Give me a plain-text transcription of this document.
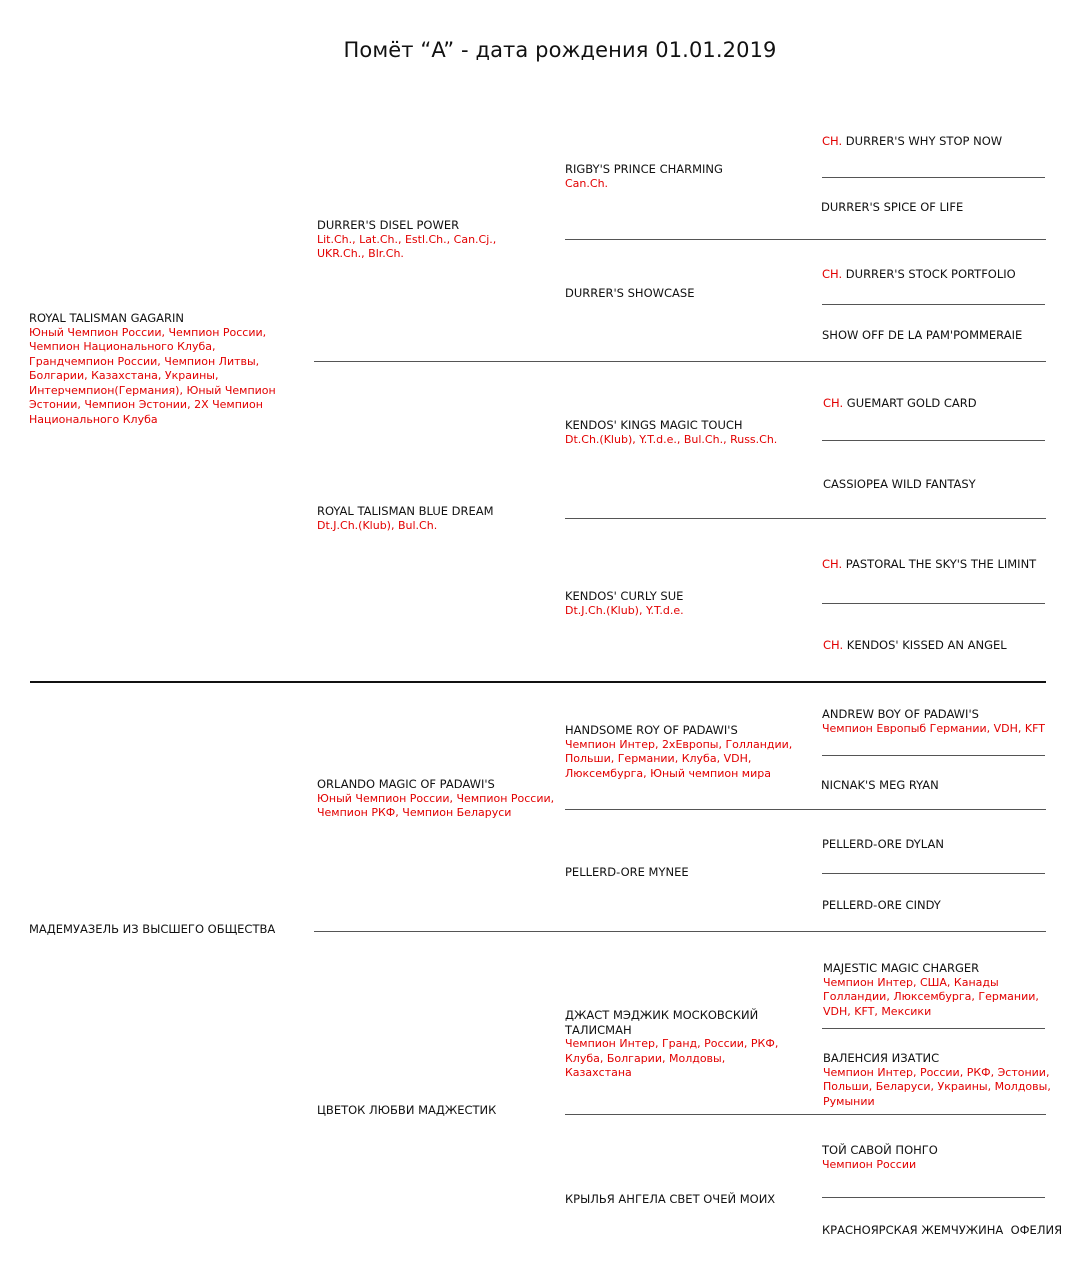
Помёт “A” - дата рождения 01.01.2019
ROYAL TALISMAN GAGARIN
Юный Чемпион России, Чемпион России, Чемпион Национального Клуба, Грандчемпион России, Чемпион Литвы, Болгарии, Казахстана, Украины, Интерчемпион(Германия), Юный Чемпион Эстонии, Чемпион Эстонии, 2Х Чемпион Национального Клуба
МАДЕМУАЗЕЛЬ ИЗ ВЫСШЕГО ОБЩЕСТВА
DURRER'S DISEL POWER
Lit.Ch., Lat.Ch., Estl.Ch., Can.Cj., UKR.Ch., Blr.Ch.
ROYAL TALISMAN BLUE DREAM
Dt.J.Ch.(Klub), Bul.Ch.
ORLANDO MAGIC OF PADAWI'S
Юный Чемпион России, Чемпион России, Чемпион РКФ, Чемпион Беларуси
ЦВЕТОК ЛЮБВИ МАДЖЕСТИК
RIGBY'S PRINCE CHARMING
Can.Ch.
DURRER'S SHOWCASE
KENDOS' KINGS MAGIC TOUCH
Dt.Ch.(Klub), Y.T.d.e., Bul.Ch., Russ.Ch.
KENDOS' CURLY SUE
Dt.J.Ch.(Klub), Y.T.d.e.
HANDSOME ROY OF PADAWI'S
Чемпион Интер, 2хЕвропы, Голландии, Польши, Германии, Клуба, VDH, Люксембурга, Юный чемпион мира
PELLERD-ORE MYNEE
ДЖАСТ МЭДЖИК МОСКОВСКИЙ ТАЛИСМАН
Чемпион Интер, Гранд, России, РКФ, Клуба, Болгарии, Молдовы, Казахстана
КРЫЛЬЯ АНГЕЛА СВЕТ ОЧЕЙ МОИХ
CH. DURRER'S WHY STOP NOW
DURRER'S SPICE OF LIFE
CH. DURRER'S STOCK PORTFOLIO
SHOW OFF DE LA PAM'POMMERAIE
CH. GUEMART GOLD CARD
CASSIOPEA WILD FANTASY
CH. PASTORAL THE SKY'S THE LIMINT
CH. KENDOS' KISSED AN ANGEL
ANDREW BOY OF PADAWI'S
Чемпион Европыб Германии, VDH, KFT
NICNAK'S MEG RYAN
PELLERD-ORE DYLAN
PELLERD-ORE CINDY
MAJESTIC MAGIC CHARGER
Чемпион Интер, США, Канады Голландии, Люксембурга, Германии, VDH, KFT, Мексики
ВАЛЕНСИЯ ИЗАТИС
Чемпион Интер, России, РКФ, Эстонии, Польши, Беларуси, Украины, Молдовы, Румынии
ТОЙ САВОЙ ПОНГО
Чемпион России
КРАСНОЯРСКАЯ ЖЕМЧУЖИНА  ОФЕЛИЯ
